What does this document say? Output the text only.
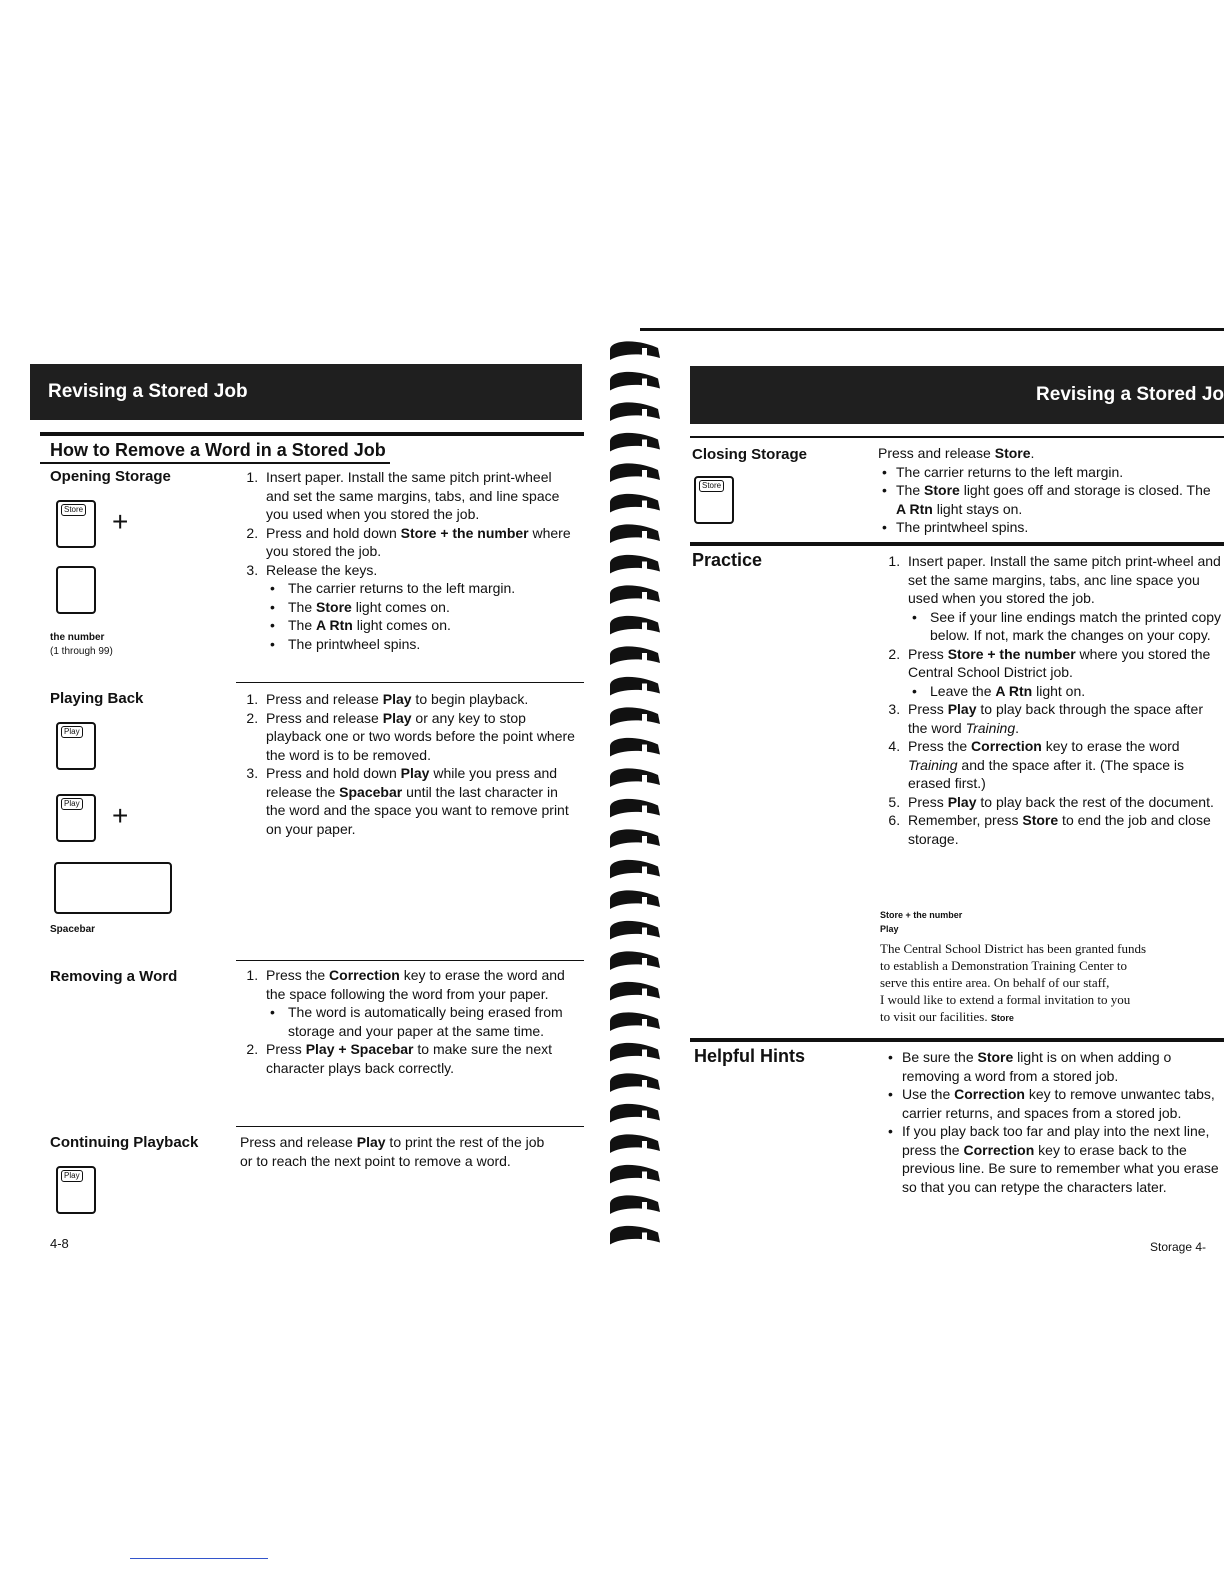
Revising a Stored Job
How to Remove a Word in a Stored Job
Opening Storage
Store +
the number
(1 through 99)
1. Insert paper. Install the same pitch print-wheel and set the same margins, tabs, and line space you used when you stored the job.
2. Press and hold down Store + the number where you stored the job.
3. Release the keys.
• The carrier returns to the left margin.
• The Store light comes on.
• The A Rtn light comes on.
• The printwheel spins.
Playing Back
Play
Play +
Spacebar
1. Press and release Play to begin playback.
2. Press and release Play or any key to stop playback one or two words before the point where the word is to be removed.
3. Press and hold down Play while you press and release the Spacebar until the last character in the word and the space you want to remove print on your paper.
Removing a Word	1. Press the Correction key to erase the word and the space following the word from your paper.
• The word is automatically being erased from storage and your paper at the same time.
2. Press Play + Spacebar to make sure the next character plays back correctly.
Continuing Playback
Play
Press and release Play to print the rest of the job or to reach the next point to remove a word.
4-8
Revising a Stored Jo
Closing Storage
Store
Press and release Store.
• The carrier returns to the left margin.
• The Store light goes off and storage is closed. The A Rtn light stays on.
• The printwheel spins.
Practice	1. Insert paper. Install the same pitch print-wheel and set the same margins, tabs, anc line space you used when you stored the job.
• See if your line endings match the printed copy below. If not, mark the changes on your copy.
2. Press Store + the number where you stored the Central School District job.
• Leave the A Rtn light on.
3. Press Play to play back through the space after the word Training.
4. Press the Correction key to erase the word Training and the space after it. (The space is erased first.)
5. Press Play to play back the rest of the document.
6. Remember, press Store to end the job and close storage.
Store + the number
Play
The Central School District has been granted funds
to establish a Demonstration Training Center to
serve this entire area. On behalf of our staff,
I would like to extend a formal invitation to you
to visit our facilities. Store
Helpful Hints	• Be sure the Store light is on when adding o removing a word from a stored job.
• Use the Correction key to remove unwantec tabs, carrier returns, and spaces from a stored job.
• If you play back too far and play into the next line, press the Correction key to erase back to the previous line. Be sure to remember what you erase so that you can retype the characters later.
Storage 4-
